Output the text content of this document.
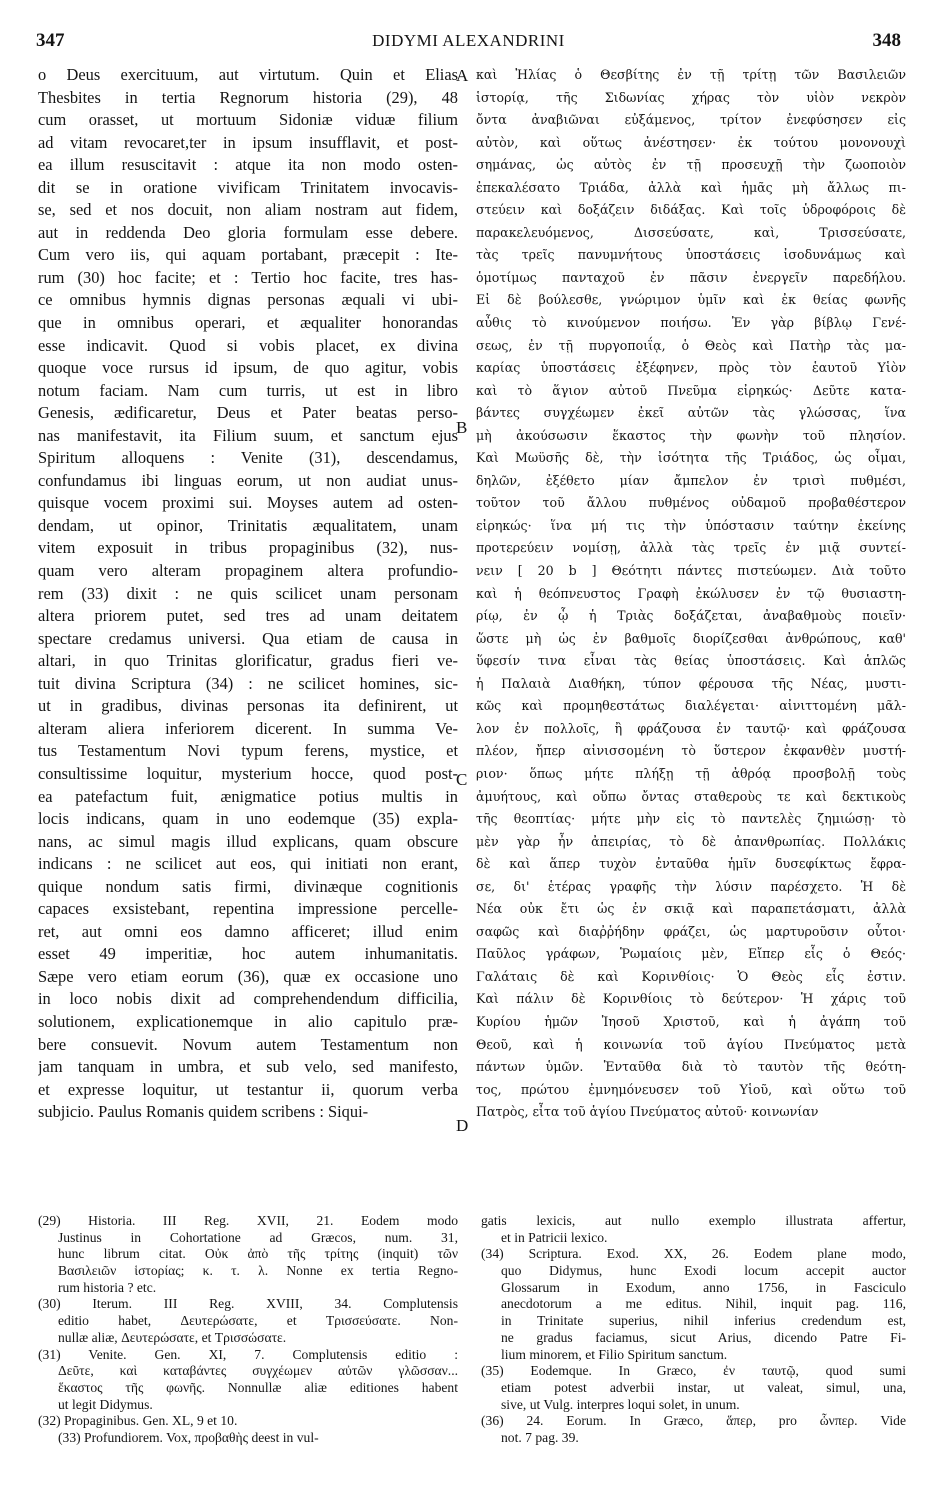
347	DIDYMI ALEXANDRINI	348
o Deus exercituum, aut virtutum. Quin et Elias
Thesbites in tertia Regnorum historia (29), 48
cum orasset, ut mortuum Sidoniæ viduæ filium
ad vitam revocaret,ter in ipsum insufflavit, et post-
ea illum resuscitavit : atque ita non modo osten-
dit se in oratione vivificam Trinitatem invocavis-
se, sed et nos docuit, non aliam nostram aut fidem,
aut in reddenda Deo gloria formulam esse debere.
Cum vero iis, qui aquam portabant, præcepit : Ite-
rum (30) hoc facite; et : Tertio hoc facite, tres has-
ce omnibus hymnis dignas personas æquali vi ubi-
que in omnibus operari, et æqualiter honorandas
esse indicavit. Quod si vobis placet, ex divina
quoque voce rursus id ipsum, de quo agitur, vobis
notum faciam. Nam cum turris, ut est in libro
Genesis, ædificaretur, Deus et Pater beatas perso-
nas manifestavit, ita Filium suum, et sanctum ejus
Spiritum alloquens : Venite (31), descendamus,
confundamus ibi linguas eorum, ut non audiat unus-
quisque vocem proximi sui. Moyses autem ad osten-
dendam, ut opinor, Trinitatis æqualitatem, unam
vitem exposuit in tribus propaginibus (32), nus-
quam vero alteram propaginem altera profundio-
rem (33) dixit : ne quis scilicet unam personam
altera priorem putet, sed tres ad unam deitatem
spectare credamus universi. Qua etiam de causa in
altari, in quo Trinitas glorificatur, gradus fieri ve-
tuit divina Scriptura (34) : ne scilicet homines, sic-
ut in gradibus, divinas personas ita definirent, ut
alteram aliera inferiorem dicerent. In summa Ve-
tus Testamentum Novi typum ferens, mystice, et
consultissime loquitur, mysterium hocce, quod post-
ea patefactum fuit, ænigmatice potius multis in
locis indicans, quam in uno eodemque (35) expla-
nans, ac simul magis illud explicans, quam obscure
indicans : ne scilicet aut eos, qui initiati non erant,
quique nondum satis firmi, divinæque cognitionis
capaces exsistebant, repentina impressione percelle-
ret, aut omni eos damno afficeret; illud enim
esset 49 imperitiæ, hoc autem inhumanitatis.
Sæpe vero etiam eorum (36), quæ ex occasione uno
in loco nobis dixit ad comprehendendum difficilia,
solutionem, explicationemque in alio capitulo præ-
bere consuevit. Novum autem Testamentum non
jam tanquam in umbra, et sub velo, sed manifesto,
et expresse loquitur, ut testantur ii, quorum verba
subjicio. Paulus Romanis quidem scribens : Siqui-
καὶ Ἠλίας ὁ Θεσβίτης ἐν τῇ τρίτῃ τῶν Βασιλειῶν
ἱστορίᾳ, τῆς Σιδωνίας χήρας τὸν υἱὸν νεκρὸν
ὄντα ἀναβιῶναι εὐξάμενος, τρίτον ἐνεφύσησεν εἰς
αὐτὸν, καὶ οὕτως ἀνέστησεν· ἐκ τούτου μονονουχὶ
σημάνας, ὡς αὐτὸς ἐν τῇ προσευχῇ τὴν ζωοποιὸν
ἐπεκαλέσατο Τριάδα, ἀλλὰ καὶ ἡμᾶς μὴ ἄλλως πι-
στεύειν καὶ δοξάζειν διδάξας. Καὶ τοῖς ὑδροφόροις δὲ
παρακελευόμενος, Δισσεύσατε, καὶ, Τρισσεύσατε,
τὰς τρεῖς πανυμνήτους ὑποστάσεις ἰσοδυνάμως καὶ
ὁμοτίμως πανταχοῦ ἐν πᾶσιν ἐνεργεῖν παρεδήλου.
Εἰ δὲ βούλεσθε, γνώριμον ὑμῖν καὶ ἐκ θείας φωνῆς
αὖθις τὸ κινούμενον ποιήσω. Ἐν γὰρ βίβλῳ Γενέ-
σεως, ἐν τῇ πυργοποιΐᾳ, ὁ Θεὸς καὶ Πατὴρ τὰς μα-
καρίας ὑποστάσεις ἐξέφηνεν, πρὸς τὸν ἑαυτοῦ Υἱὸν
καὶ τὸ ἅγιον αὐτοῦ Πνεῦμα εἰρηκώς· Δεῦτε κατα-
βάντες συγχέωμεν ἐκεῖ αὐτῶν τὰς γλώσσας, ἵνα
μὴ ἀκούσωσιν ἕκαστος τὴν φωνὴν τοῦ πλησίον.
Καὶ Μωϋσῆς δὲ, τὴν ἰσότητα τῆς Τριάδος, ὡς οἶμαι,
δηλῶν, ἐξέθετο μίαν ἄμπελον ἐν τρισὶ πυθμέσι,
τοῦτον τοῦ ἄλλου πυθμένος οὐδαμοῦ προβαθέστερον
εἰρηκώς· ἵνα μή τις τὴν ὑπόστασιν ταύτην ἐκείνης
προτερεύειν νομίσῃ, ἀλλὰ τὰς τρεῖς ἐν μιᾷ συντεί-
νειν [ 20 b ] Θεότητι πάντες πιστεύωμεν. Διὰ τοῦτο
καὶ ἡ θεόπνευστος Γραφὴ ἐκώλυσεν ἐν τῷ θυσιαστη-
ρίῳ, ἐν ᾧ ἡ Τριὰς δοξάζεται, ἀναβαθμοὺς ποιεῖν·
ὥστε μὴ ὡς ἐν βαθμοῖς διορίζεσθαι ἀνθρώπους, καθ'
ὕφεσίν τινα εἶναι τὰς θείας ὑποστάσεις. Καὶ ἁπλῶς
ἡ Παλαιὰ Διαθήκη, τύπον φέρουσα τῆς Νέας, μυστι-
κῶς καὶ προμηθεστάτως διαλέγεται· αἰνιττομένη μᾶλ-
λον ἐν πολλοῖς, ἢ φράζουσα ἐν ταυτῷ· καὶ φράζουσα
πλέον, ἤπερ αἰνισσομένη τὸ ὕστερον ἐκφανθὲν μυστή-
ριον· ὅπως μήτε πλήξῃ τῇ ἀθρόᾳ προσβολῇ τοὺς
ἀμυήτους, καὶ οὔπω ὄντας σταθεροὺς τε καὶ δεκτικοὺς
τῆς θεοπτίας· μήτε μὴν εἰς τὸ παντελὲς ζημιώσῃ· τὸ
μὲν γὰρ ἦν ἀπειρίας, τὸ δὲ ἀπανθρωπίας. Πολλάκις
δὲ καὶ ἅπερ τυχὸν ἐνταῦθα ἡμῖν δυσεφίκτως ἔφρα-
σε, δι' ἑτέρας γραφῆς τὴν λύσιν παρέσχετο. Ἡ δὲ
Νέα οὐκ ἔτι ὡς ἐν σκιᾷ καὶ παραπετάσματι, ἀλλὰ
σαφῶς καὶ διαῤῥήδην φράζει, ὡς μαρτυροῦσιν οὗτοι·
Παῦλος γράφων, Ῥωμαίοις μὲν, Εἴπερ εἷς ὁ Θεός·
Γαλάταις δὲ καὶ Κορινθίοις· Ὁ Θεὸς εἷς ἐστιν.
Καὶ πάλιν δὲ Κορινθίοις τὸ δεύτερον· Ἡ χάρις τοῦ
Κυρίου ἡμῶν Ἰησοῦ Χριστοῦ, καὶ ἡ ἀγάπη τοῦ
Θεοῦ, καὶ ἡ κοινωνία τοῦ ἁγίου Πνεύματος μετὰ
πάντων ὑμῶν. Ἐνταῦθα διὰ τὸ ταυτὸν τῆς θεότη-
τος, πρώτου ἐμνημόνευσεν τοῦ Υἱοῦ, καὶ οὕτω τοῦ
Πατρὸς, εἶτα τοῦ ἁγίου Πνεύματος αὐτοῦ· κοινωνίαν
A
B
C
D
(29) Historia. III Reg. XVII, 21. Eodem modo
Justinus in Cohortatione ad Græcos, num. 31,
hunc librum citat. Οὐκ ἀπὸ τῆς τρίτης (inquit) τῶν
Βασιλειῶν ἱστορίας; κ. τ. λ. Nonne ex tertia Regno-
rum historia ? etc.
(30) Iterum. III Reg. XVIII, 34. Complutensis
editio habet, Δευτερώσατε, et Τρισσεύσατε. Non-
nullæ aliæ, Δευτερώσατε, et Τρισσώσατε.
(31) Venite. Gen. XI, 7. Complutensis editio :
Δεῦτε, καὶ καταβάντες συγχέωμεν αὐτῶν γλῶσσαν...
ἕκαστος τῆς φωνῆς. Nonnullæ aliæ editiones habent
ut legit Didymus.
(32) Propaginibus. Gen. XL, 9 et 10.
(33) Profundiorem. Vox, προβαθὴς deest in vul-
gatis lexicis, aut nullo exemplo illustrata affertur,
et in Patricii lexico.
(34) Scriptura. Exod. XX, 26. Eodem plane modo,
quo Didymus, hunc Exodi locum accepit auctor
Glossarum in Exodum, anno 1756, in Fasciculo
anecdotorum a me editus. Nihil, inquit pag. 116,
in Trinitate superius, nihil inferius credendum est,
ne gradus faciamus, sicut Arius, dicendo Patre Fi-
lium minorem, et Filio Spiritum sanctum.
(35) Eodemque. In Græco, ἐν ταυτῷ, quod sumi
etiam potest adverbii instar, ut valeat, simul, una,
sive, ut Vulg. interpres loqui solet, in unum.
(36) 24. Eorum. In Græco, ἅπερ, pro ὧνπερ. Vide
not. 7 pag. 39.
